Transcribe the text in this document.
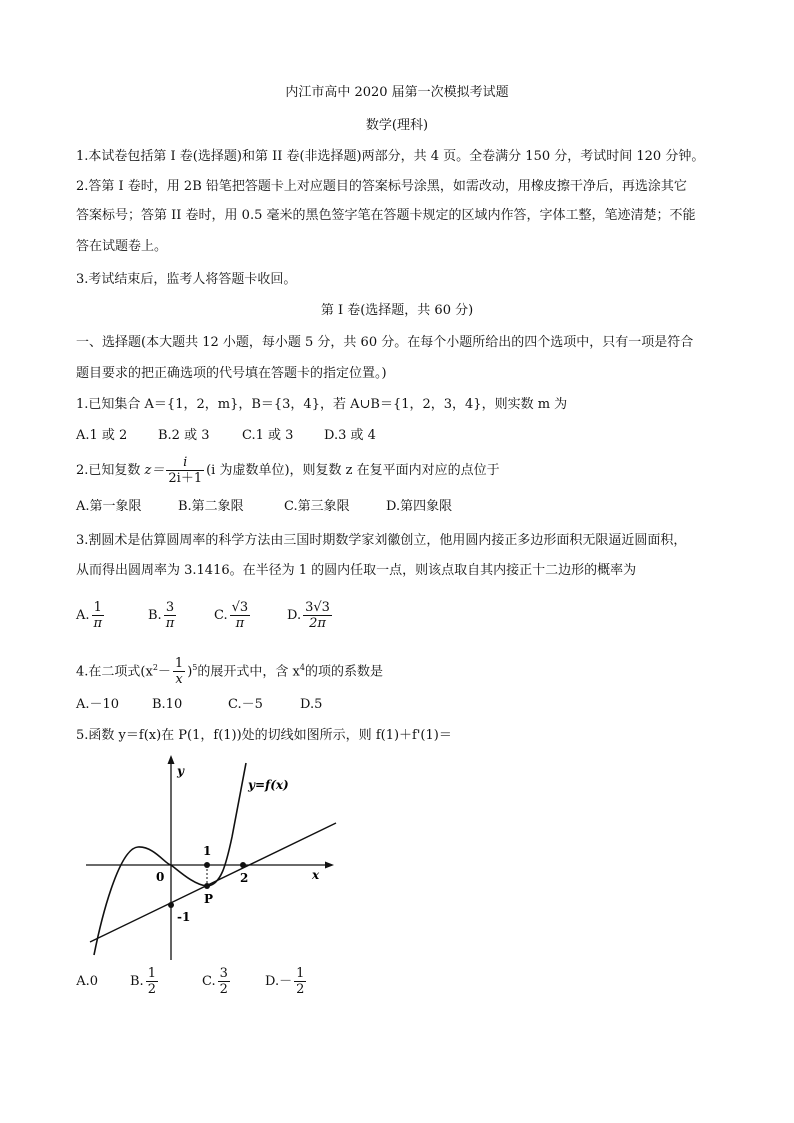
内江市高中 2020 届第一次模拟考试题
数学(理科)
1.本试卷包括第 I 卷(选择题)和第 II 卷(非选择题)两部分，共 4 页。全卷满分 150 分，考试时间 120 分钟。
2.答第 I 卷时，用 2B 铅笔把答题卡上对应题目的答案标号涂黑，如需改动，用橡皮擦干净后，再选涂其它
答案标号；答第 II 卷时，用 0.5 毫米的黑色签字笔在答题卡规定的区域内作答，字体工整，笔迹清楚；不能
答在试题卷上。
3.考试结束后，监考人将答题卡收回。
第 I 卷(选择题，共 60 分)
一、选择题(本大题共 12 小题，每小题 5 分，共 60 分。在每个小题所给出的四个选项中，只有一项是符合
题目要求的把正确选项的代号填在答题卡的指定位置。)
1.已知集合 A＝{1，2，m}，B＝{3，4}，若 A∪B＝{1，2，3，4}，则实数 m 为
A.1 或 2 B.2 或 3	C.1 或 3 D.3 或 4
2.已知复数 $z= \frac{i}{2i+1} (i$ 为虚数单位)，则复数 z 在复平面内对应的点位于
A.第一象限	B.第二象限	C.第三象限	D.第四象限
3.割圆术是估算圆周率的科学方法由三国时期数学家刘徽创立，他用圆内接正多边形面积无限逼近圆面积，
从而得出圆周率为 3.1416。在半径为 1 的圆内任取一点，则该点取自其内接正十二边形的概率为
A. $\frac{1}{\pi}$	B. $\frac{3}{\pi}$	C. $\frac{√3}{\pi}$	D. $\frac{3√3}{2\pi}$
4.在二项式$(x^2- \frac{1}{x} )^5$的展开式中，含 $x^4$的项的系数是
A.－10	B.10	C.－5	D.5
5.函数 y＝f(x)在 P(1，f(1))处的切线如图所示，则 f(1)＋f'(1)＝
y
x
y=f(x)
0
1
2
-1
P
A.0 B. $\frac{1}{2}$	C. $\frac{3}{2}$	$D.- \frac{1}{2}$
